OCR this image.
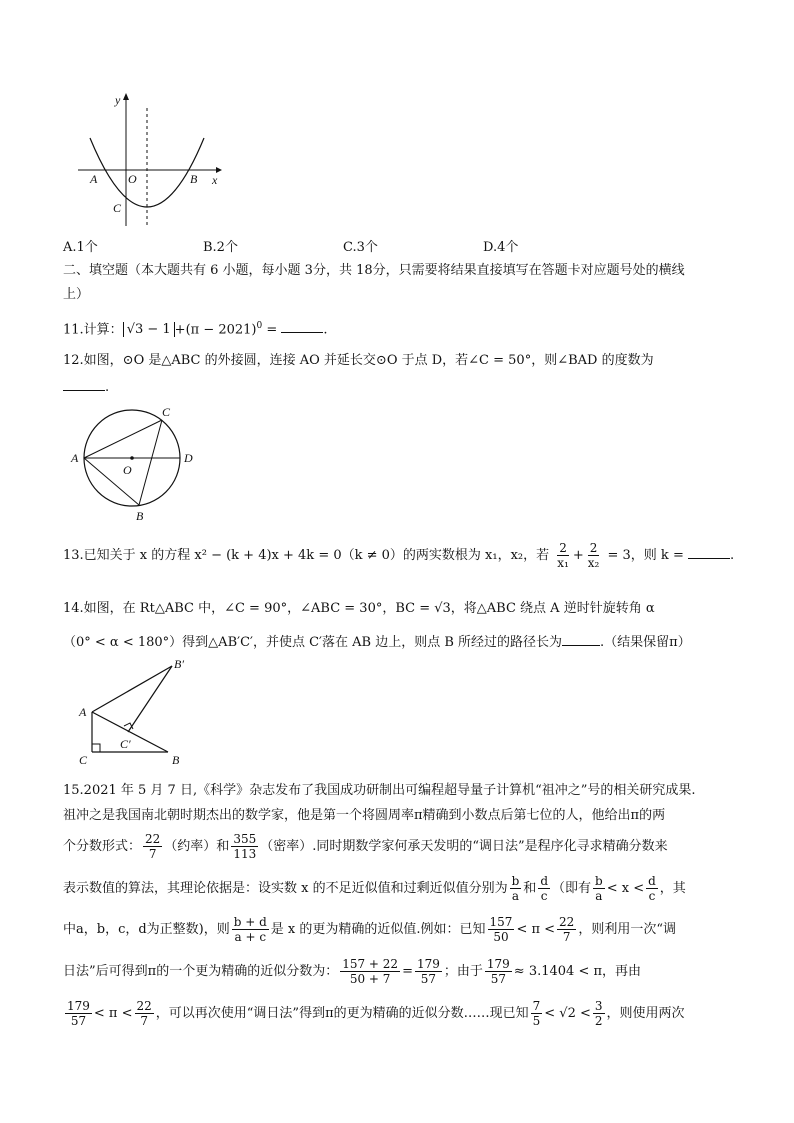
y
x
A	O	B
C
A.1个	B.2个	C.3个	D.4个
二、填空题（本大题共有 6 小题，每小题 3分，共 18分，只需要将结果直接填写在答题卡对应题号处的横线
上）
11.计算： $√3 - 1 +(\pi - 2021)^0$ =	.
12.如图，⊙O 是△ABC 的外接圆，连接 AO 并延长交⊙O 于点 D，若∠C = 50°，则∠BAD 的度数为
.
A
O
D
C
B
13.已知关于 x 的方程 x² − (k + 4)x + 4k = 0（k ≠ 0）的两实数根为 x₁，x₂，若 $\frac{2}{\text{x₁}} + \frac{2}{\text{x₂}} = 3$，则 k =	.
14.如图，在 Rt△ABC 中，∠C = 90°，∠ABC = 30°，BC = √3，将△ABC 绕点 A 逆时针旋转角 α
（0° < α < 180°）得到△AB′C′，并使点 C′落在 AB 边上，则点 B 所经过的路径长为	.（结果保留π）
B′
A
C′
C	B
15.2021 年 5 月 7 日,《科学》杂志发布了我国成功研制出可编程超导量子计算机“祖冲之”号的相关研究成果.
祖冲之是我国南北朝时期杰出的数学家，他是第一个将圆周率π精确到小数点后第七位的人，他给出π的两
个分数形式： $\frac{22}{7}$ （约率）和 $\frac{355}{113}$ （密率）.同时期数学家何承天发明的“调日法”是程序化寻求精确分数来
表示数值的算法，其理论依据是：设实数 x 的不足近似值和过剩近似值分别为 $\frac{b}{a}$ 和 $\frac{d}{c}$ （即有 $\frac{b}{a} < x < \frac{d}{c}$ ，其
中a，b，c，d为正整数)，则 $\frac{b + d}{a + c}$ 是 x 的更为精确的近似值.例如：已知 $\frac{157}{50} < \pi < \frac{22}{7}$ ，则利用一次“调
日法”后可得到π的一个更为精确的近似分数为： $\frac{157 + 22}{50 + 7} = \frac{179}{57}$ ；由于 $\frac{179}{57} \approx 3.1404 < \pi$，再由
$\frac{179}{57} < \pi < \frac{22}{7}$ ，可以再次使用“调日法”得到π的更为精确的近似分数……现已知 $\frac{7}{5} < √2 < \frac{3}{2}$ ，则使用两次
